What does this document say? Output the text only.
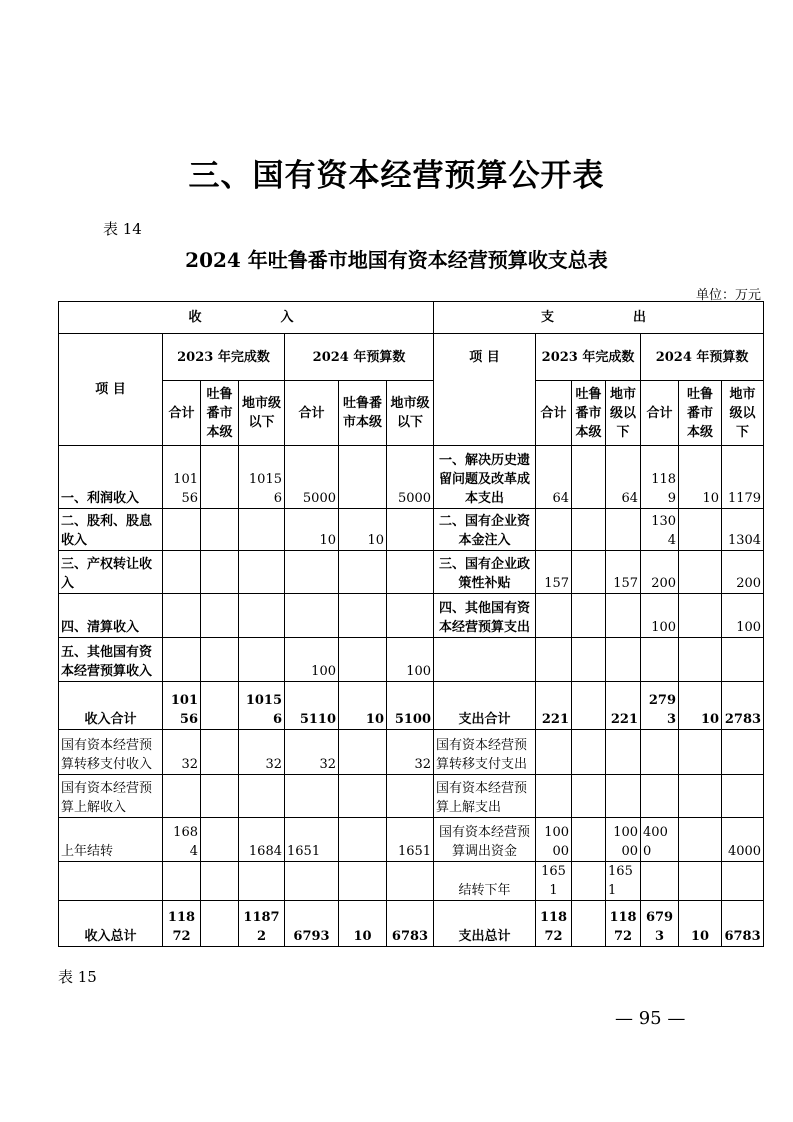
三、国有资本经营预算公开表
表 14
2024 年吐鲁番市地国有资本经营预算收支总表
单位：万元
收　　　入							支　　　出						
项 目	2023 年完成数			2024 年预算数			项 目	2023 年完成数			2024 年预算数		
	合计	吐鲁番市本级	地市级以下	合计	吐鲁番市本级	地市级以下		合计	吐鲁番市本级	地市级以下	合计	吐鲁番市本级	地市级以下
一、利润收入	10156		10156	5000		5000	一、解决历史遗留问题及改革成本支出	64		64	1189	10	1179
二、股利、股息收入				10	10		二、国有企业资本金注入				1304		1304
三、产权转让收入							三、国有企业政策性补贴	157		157	200		200
四、清算收入							四、其他国有资本经营预算支出				100		100
五、其他国有资本经营预算收入				100		100							
收入合计	10156		10156	5110	10	5100	支出合计	221		221	2793	10	2783
国有资本经营预算转移支付收入	32		32	32		32	国有资本经营预算转移支付支出						
国有资本经营预算上解收入							国有资本经营预算上解支出						
上年结转	1684		1684	1651		1651	国有资本经营预算调出资金	10000		10000	4000		4000
							结转下年	1651		1651			
收入总计	11872		11872	6793	10	6783	支出总计	11872		11872	6793	10	6783
表 15
— 95 —
